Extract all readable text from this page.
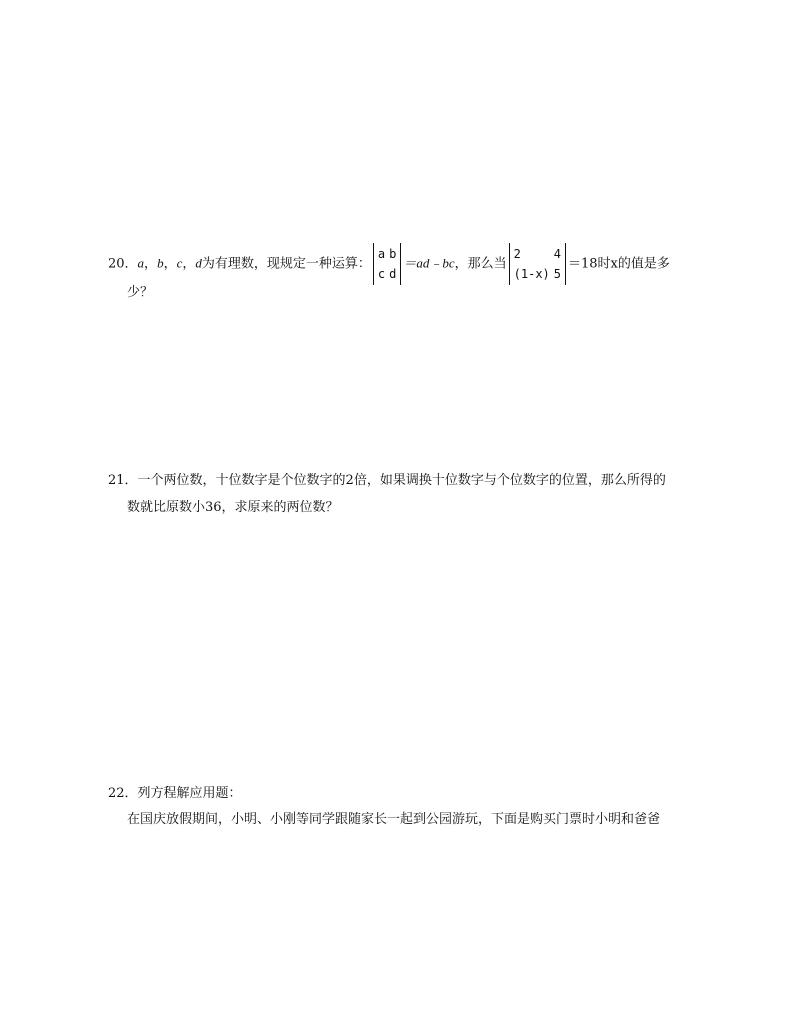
20．a，b，c，d为有理数，现规定一种运算：
a	b
c	d
＝ad﹣bc，那么当
2	4
(1-x)	5
＝18时x的值是多
少？
21．一个两位数，十位数字是个位数字的2倍，如果调换十位数字与个位数字的位置，那么所得的
数就比原数小36，求原来的两位数？
22．列方程解应用题：
在国庆放假期间，小明、小刚等同学跟随家长一起到公园游玩，下面是购买门票时小明和爸爸
